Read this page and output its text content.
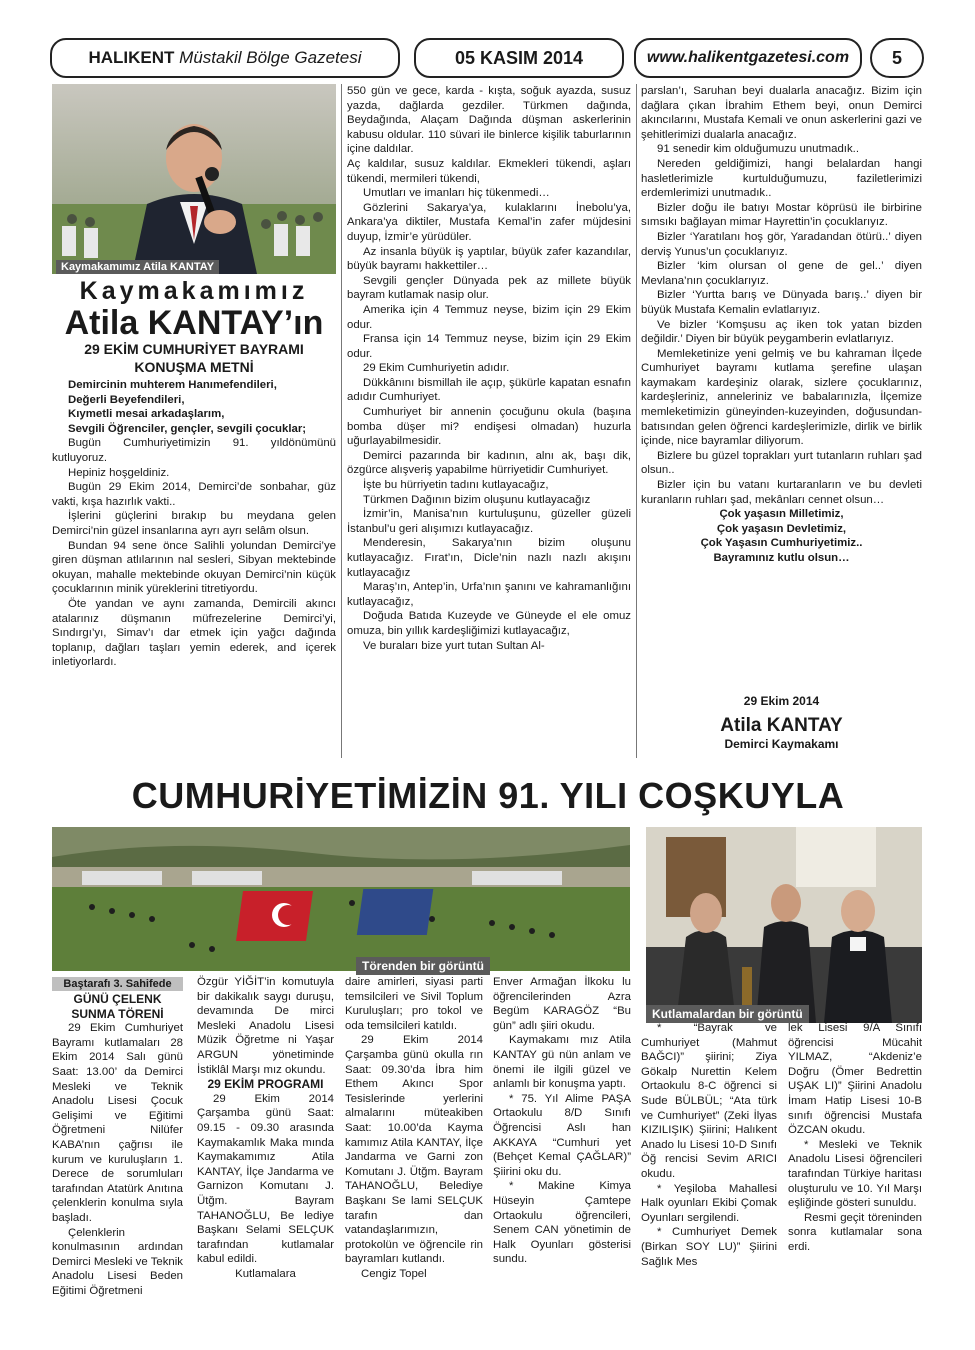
HALIKENT
Müstakil Bölge Gazetesi	05 KASIM 2014	www.halikentgazetesi.com	5
Kaymakamımız Atila KANTAY
Kaymakamımız
Atila KANTAY’ın
29 EKİM CUMHURİYET BAYRAMI KONUŞMA METNİ

Demircinin muhterem Hanımefendileri,

Değerli Beyefendileri,

Kıymetli mesai arkadaşlarım,

Sevgili Öğrenciler, gençler, sevgili çocuklar;

Bugün Cumhuriyetimizin 91. yıldönümünü kutluyoruz.

Hepiniz hoşgeldiniz.

Bugün 29 Ekim 2014, Demirci’de sonbahar, güz vakti, kışa hazırlık vakti..

İşlerini güçlerini bırakıp bu meydana gelen Demirci’nin güzel insanlarına ayrı ayrı selâm olsun.

Bundan 94 sene önce Salihli yolundan Demirci’ye giren düşman atlılarının nal sesleri, Sibyan mektebinde okuyan, mahalle mektebinde okuyan Demirci’nin küçük çocuklarının minik yüreklerini titretiyordu.

Öte yandan ve aynı zamanda, Demircili akıncı atalarınız düşmanın müfrezelerine Demirci’yi, Sındırgı’yı, Simav’ı dar etmek için yağcı dağında toplanıp, dağları taşları yemin ederek, and içerek inletiyorlardı.

550 gün ve gece, karda - kışta, soğuk ayazda, susuz yazda, dağlarda gezdiler. Türkmen dağında, Beydağında, Alaçam Dağında düşman askerlerinin kabusu oldular. 110 süvari ile binlerce kişilik taburlarının içine daldılar.

Aç kaldılar, susuz kaldılar. Ekmekleri tükendi, aşları tükendi, mermileri tükendi,

Umutları ve imanları hiç tükenmedi…

Gözlerini Sakarya’ya, kulaklarını İnebolu’ya, Ankara’ya diktiler, Mustafa Kemal’in zafer müjdesini duyup, İzmir’e yürüdüler.

Az insanla büyük iş yaptılar, büyük zafer kazandılar, büyük bayramı hakkettiler…

Sevgili gençler Dünyada pek az millete büyük bayram kutlamak nasip olur.

Amerika için 4 Temmuz neyse, bizim için 29 Ekim odur.

Fransa için 14 Temmuz neyse, bizim için 29 Ekim odur.

29 Ekim Cumhuriyetin adıdır.

Dükkânını bismillah ile açıp, şükürle kapatan esnafın adıdır Cumhuriyet.

Cumhuriyet bir annenin çocuğunu okula (başına bomba düşer mi? endişesi olmadan) huzurla uğurlayabilmesidir.

Demirci pazarında bir kadının, alnı ak, başı dik, özgürce alışveriş yapabilme hürriyetidir Cumhuriyet.

İşte bu hürriyetin tadını kutlayacağız,

Türkmen Dağının bizim oluşunu kutlayacağız

İzmir’in, Manisa’nın kurtuluşunu, güzeller güzeli İstanbul’u geri alışımızı kutlayacağız.

Menderesin, Sakarya’nın bizim oluşunu kutlayacağız. Fırat’ın, Dicle’nin nazlı nazlı akışını kutlayacağız

Maraş’ın, Antep’in, Urfa’nın şanını ve kahramanlığını kutlayacağız,

Doğuda Batıda Kuzeyde ve Güneyde el ele omuz omuza, bin yıllık kardeşliğimizi kutlayacağız,

Ve buraları bize yurt tutan Sultan Al-

parslan’ı, Saruhan beyi dualarla anacağız. Bizim için dağlara çıkan İbrahim Ethem beyi, onun Demirci akıncılarını, Mustafa Kemali ve onun askerlerini gazi ve şehitlerimizi dualarla anacağız.

91 senedir kim olduğumuzu unutmadık..

Nereden geldiğimizi, hangi belalardan hangi hasletlerimizle kurtulduğumuzu, faziletlerimizi erdemlerimizi unutmadık..

Bizler doğu ile batıyı Mostar köprüsü ile birbirine sımsıkı bağlayan mimar Hayrettin’in çocuklarıyız.

Bizler ‘Yaratılanı hoş gör, Yaradandan ötürü..’ diyen derviş Yunus’un çocuklarıyız.

Bizler ‘kim olursan ol gene de gel..’ diyen Mevlana’nın çocuklarıyız.

Bizler ‘Yurtta barış ve Dünyada barış..’ diyen bir büyük Mustafa Kemalin evlatlarıyız.

Ve bizler ‘Komşusu aç iken tok yatan bizden değildir.’ Diyen bir büyük peygamberin evlatlarıyız.

Memleketinize yeni gelmiş ve bu kahraman İlçede Cumhuriyet bayramı kutlama şerefine ulaşan kaymakam kardeşiniz olarak, sizlere çocuklarınız, kardeşleriniz, anneleriniz ve babalarınızla, İlçemize memleketimizin güneyinden-kuzeyinden, doğusundan- batısından gelen öğrenci kardeşlerimizle, dirlik ve birlik içinde, nice bayramlar diliyorum.

Bizlere bu güzel toprakları yurt tutanların ruhları şad olsun..

Bizler için bu vatanı kurtaranların ve bu devleti kuranların ruhları şad, mekânları cennet olsun…

Çok yaşasın Milletimiz,

Çok yaşasın Devletimiz,

Çok Yaşasın Cumhuriyetimiz..

Bayramınız kutlu olsun…

29 Ekim 2014

Atila KANTAY

Demirci Kaymakamı

CUMHURİYETİMİZİN 91. YILI COŞKUYLA
Törenden bir görüntü
Kutlamalardan bir görüntü
Baştarafı 3. Sahifede

GÜNÜ ÇELENK SUNMA TÖRENİ

29 Ekim Cumhuriyet Bayramı kutlamaları 28 Ekim 2014 Salı günü Saat: 13.00’ da Demirci Mesleki ve Teknik Anadolu Lisesi Çocuk Gelişimi ve Eğitimi Öğretmeni Nilüfer KABA’nın çağrısı ile kurum ve kuruluşların 1. Derece de sorumluları tarafından Atatürk Anıtına çelenklerin konulma sıyla başladı.

Çelenklerin konulmasının ardından Demirci Mesleki ve Teknik Anadolu Lisesi Beden Eğitimi Öğretmeni

Özgür YİĞİT’in komutuyla bir dakikalık saygı duruşu, devamında De mirci Mesleki Anadolu Lisesi Müzik Öğretme ni Yaşar ARGUN yönetiminde İstiklâl Marşı mız okundu.

29 EKİM PROGRAMI

29 Ekim 2014 Çarşamba günü Saat: 09.15 - 09.30 arasında Kaymakamlık Maka mında Kaymakamımız Atila KANTAY, İlçe Jandarma ve Garnizon Komutanı J. Ütğm. Bayram TAHANOĞLU, Be lediye Başkanı Selami SELÇUK tarafından kutlamalar kabul edildi.

Kutlamalara

daire amirleri, siyasi parti temsilcileri ve Sivil Toplum Kuruluşları; pro tokol ve oda temsilcileri katıldı.

29 Ekim 2014 Çarşamba günü okulla rın Saat: 09.30’da İbra him Ethem Akıncı Spor Tesislerinde yerlerini almalarını müteakiben Saat: 10.00’da Kayma kamımız Atila KANTAY, İlçe Jandarma ve Garni zon Komutanı J. Ütğm. Bayram TAHANOĞLU, Belediye Başkanı Se lami SELÇUK tarafın dan vatandaşlarımızın, protokolün ve öğrencile rin bayramları kutlandı.

Cengiz Topel

Enver Armağan İlkoku lu öğrencilerinden Azra Begüm KARAGÖZ “Bu gün” adlı şiiri okudu.

Kaymakamı mız Atila KANTAY gü nün anlam ve önemi ile ilgili güzel ve anlamlı bir konuşma yaptı.

* 75. Yıl Alime PAŞA Ortaokulu 8/D Sınıfı Öğrencisi Aslı han AKKAYA “Cumhuri yet (Behçet Kemal ÇAĞLAR)” Şiirini oku du.

* Makine Kimya Hüseyin Çamtepe Ortaokulu öğrencileri, Senem CAN yönetimin de Halk Oyunları gösterisi sundu.

* “Bayrak ve Cumhuriyet (Mahmut BAĞCI)” şiirini; Ziya Gökalp Nurettin Kelem Ortaokulu 8-C öğrenci si Sude BÜLBÜL; “Ata türk ve Cumhuriyet” (Zeki İlyas KIZILIŞIK) Şiirini; Halıkent Anado lu Lisesi 10-D Sınıfı Öğ rencisi Sevim ARICI okudu.

* Yeşiloba Mahallesi Halk oyunları Ekibi Çomak Oyunları sergilendi.

* Cumhuriyet Demek (Birkan SOY LU)” Şiirini Sağlık Mes

lek Lisesi 9/A Sınıfı öğrencisi Mücahit YILMAZ, “Akdeniz’e Doğru (Ömer Bedrettin UŞAK LI)” Şiirini Anadolu İmam Hatip Lisesi 10-B sınıfı öğrencisi Mustafa ÖZCAN okudu.

* Mesleki ve Teknik Anadolu Lisesi öğrencileri tarafından Türkiye haritası oluşturulu ve 10. Yıl Marşı eşliğinde gösteri sunuldu.

Resmi geçit töreninden sonra kutlamalar sona erdi.
